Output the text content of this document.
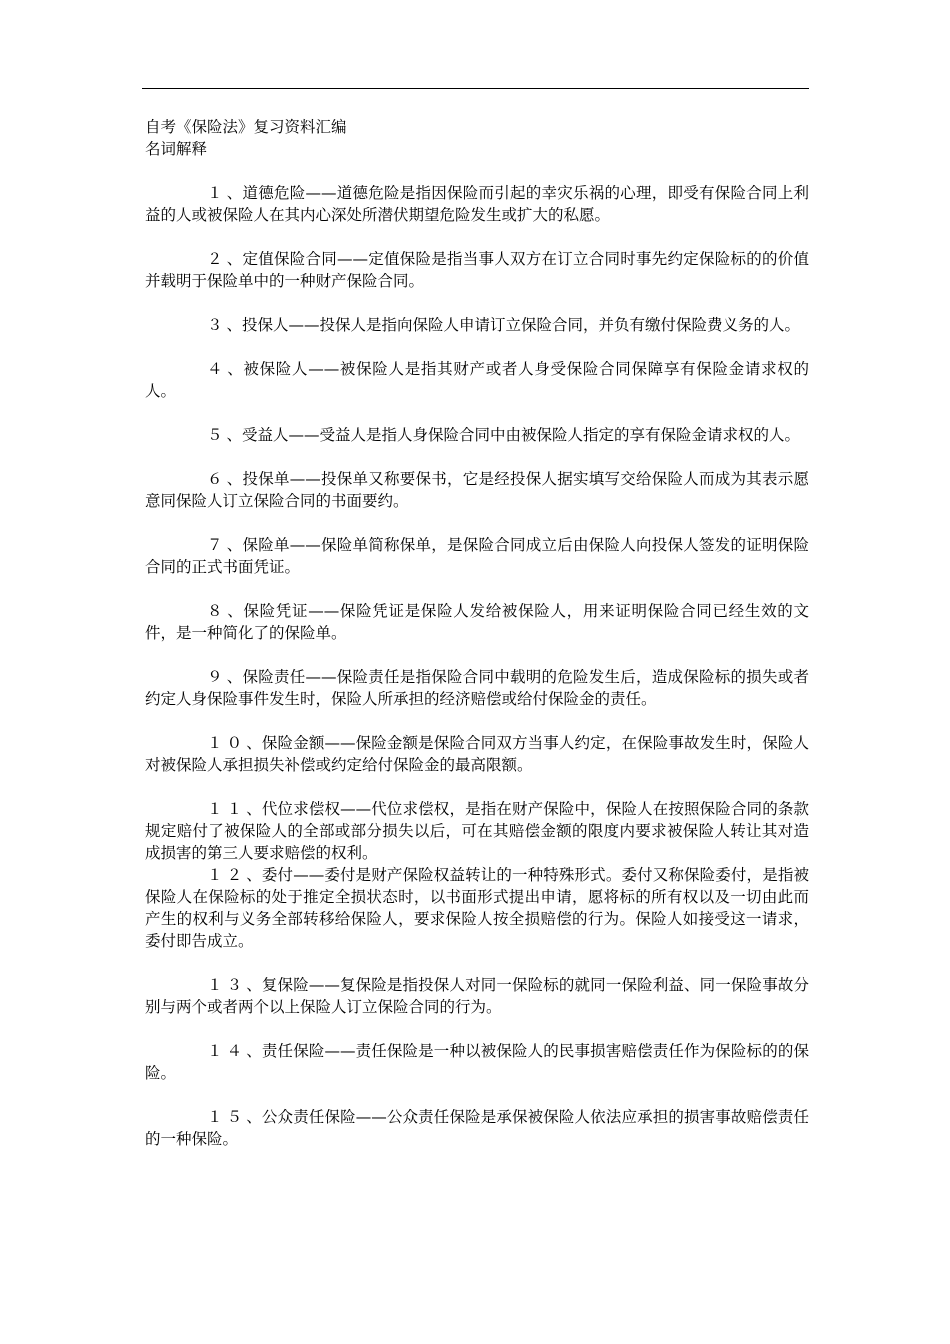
自考《保险法》复习资料汇编
名词解释

１、道德危险——道德危险是指因保险而引起的幸灾乐祸的心理，即受有保险合同上利益的人或被保险人在其内心深处所潜伏期望危险发生或扩大的私愿。

２、定值保险合同——定值保险是指当事人双方在订立合同时事先约定保险标的的价值并载明于保险单中的一种财产保险合同。

３、投保人——投保人是指向保险人申请订立保险合同，并负有缴付保险费义务的人。

４、被保险人——被保险人是指其财产或者人身受保险合同保障享有保险金请求权的人。

５、受益人——受益人是指人身保险合同中由被保险人指定的享有保险金请求权的人。

６、投保单——投保单又称要保书，它是经投保人据实填写交给保险人而成为其表示愿意同保险人订立保险合同的书面要约。

７、保险单——保险单简称保单，是保险合同成立后由保险人向投保人签发的证明保险合同的正式书面凭证。

８、保险凭证——保险凭证是保险人发给被保险人，用来证明保险合同已经生效的文件，是一种简化了的保险单。

９、保险责任——保险责任是指保险合同中载明的危险发生后，造成保险标的损失或者约定人身保险事件发生时，保险人所承担的经济赔偿或给付保险金的责任。

１０、保险金额——保险金额是保险合同双方当事人约定，在保险事故发生时，保险人对被保险人承担损失补偿或约定给付保险金的最高限额。

１１、代位求偿权——代位求偿权，是指在财产保险中，保险人在按照保险合同的条款规定赔付了被保险人的全部或部分损失以后，可在其赔偿金额的限度内要求被保险人转让其对造成损害的第三人要求赔偿的权利。

１２、委付——委付是财产保险权益转让的一种特殊形式。委付又称保险委付，是指被保险人在保险标的处于推定全损状态时，以书面形式提出申请，愿将标的所有权以及一切由此而产生的权利与义务全部转移给保险人，要求保险人按全损赔偿的行为。保险人如接受这一请求，委付即告成立。

１３、复保险——复保险是指投保人对同一保险标的就同一保险利益、同一保险事故分别与两个或者两个以上保险人订立保险合同的行为。

１４、责任保险——责任保险是一种以被保险人的民事损害赔偿责任作为保险标的的保险。

１５、公众责任保险——公众责任保险是承保被保险人依法应承担的损害事故赔偿责任的一种保险。
